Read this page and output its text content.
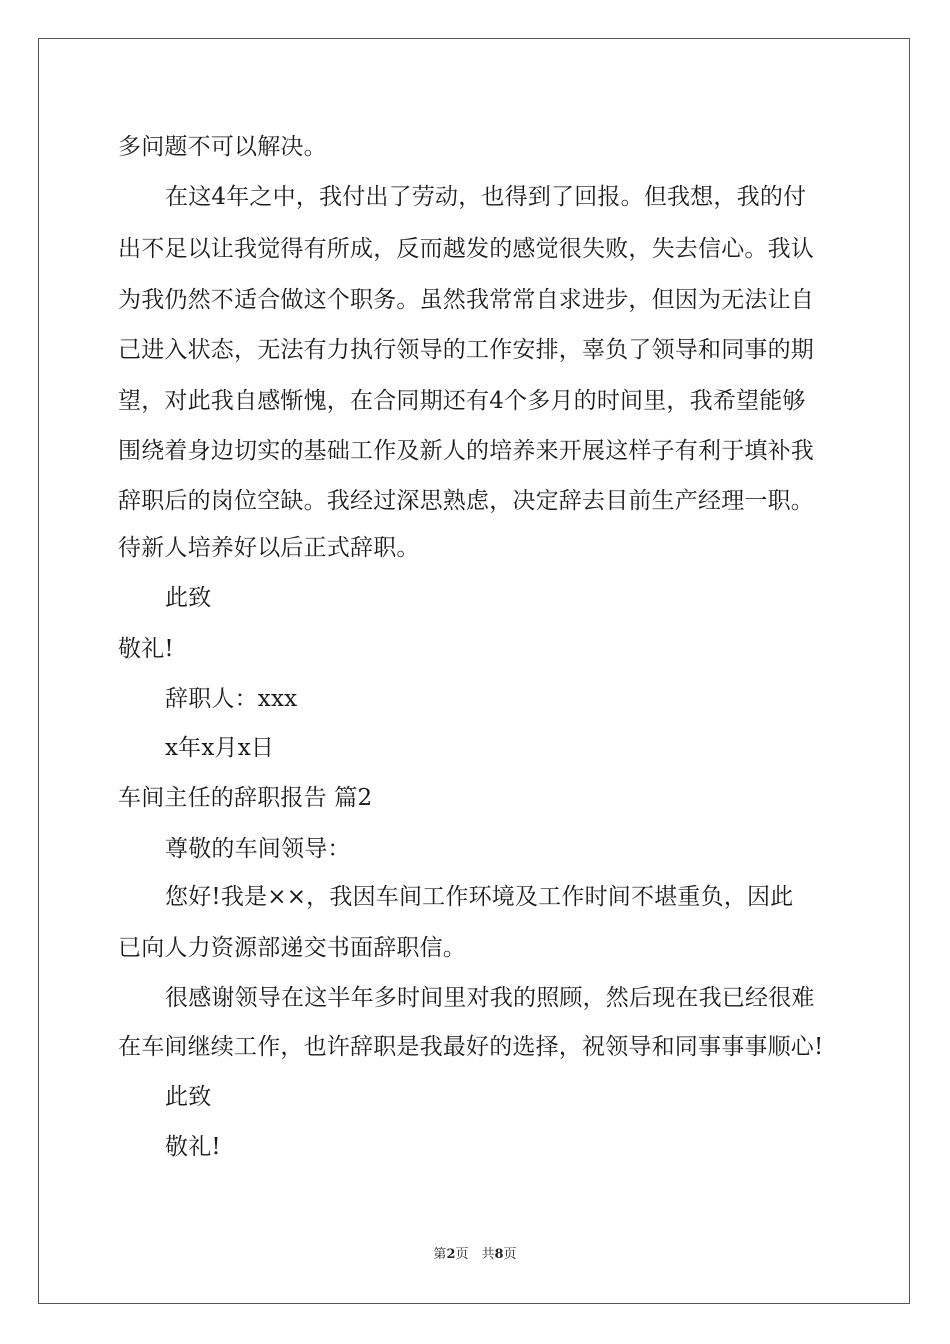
多问题不可以解决。
在这4年之中，我付出了劳动，也得到了回报。但我想，我的付
出不足以让我觉得有所成，反而越发的感觉很失败，失去信心。我认
为我仍然不适合做这个职务。虽然我常常自求进步，但因为无法让自
己进入状态，无法有力执行领导的工作安排，辜负了领导和同事的期
望，对此我自感惭愧，在合同期还有4个多月的时间里，我希望能够
围绕着身边切实的基础工作及新人的培养来开展这样子有利于填补我
辞职后的岗位空缺。我经过深思熟虑，决定辞去目前生产经理一职。
待新人培养好以后正式辞职。
此致
敬礼!
辞职人：xxx
x年x月x日
车间主任的辞职报告 篇2
尊敬的车间领导：
您好!我是××，我因车间工作环境及工作时间不堪重负，因此
已向人力资源部递交书面辞职信。
很感谢领导在这半年多时间里对我的照顾，然后现在我已经很难
在车间继续工作，也许辞职是我最好的选择，祝领导和同事事事顺心!
此致
敬礼!
第2页　共8页
